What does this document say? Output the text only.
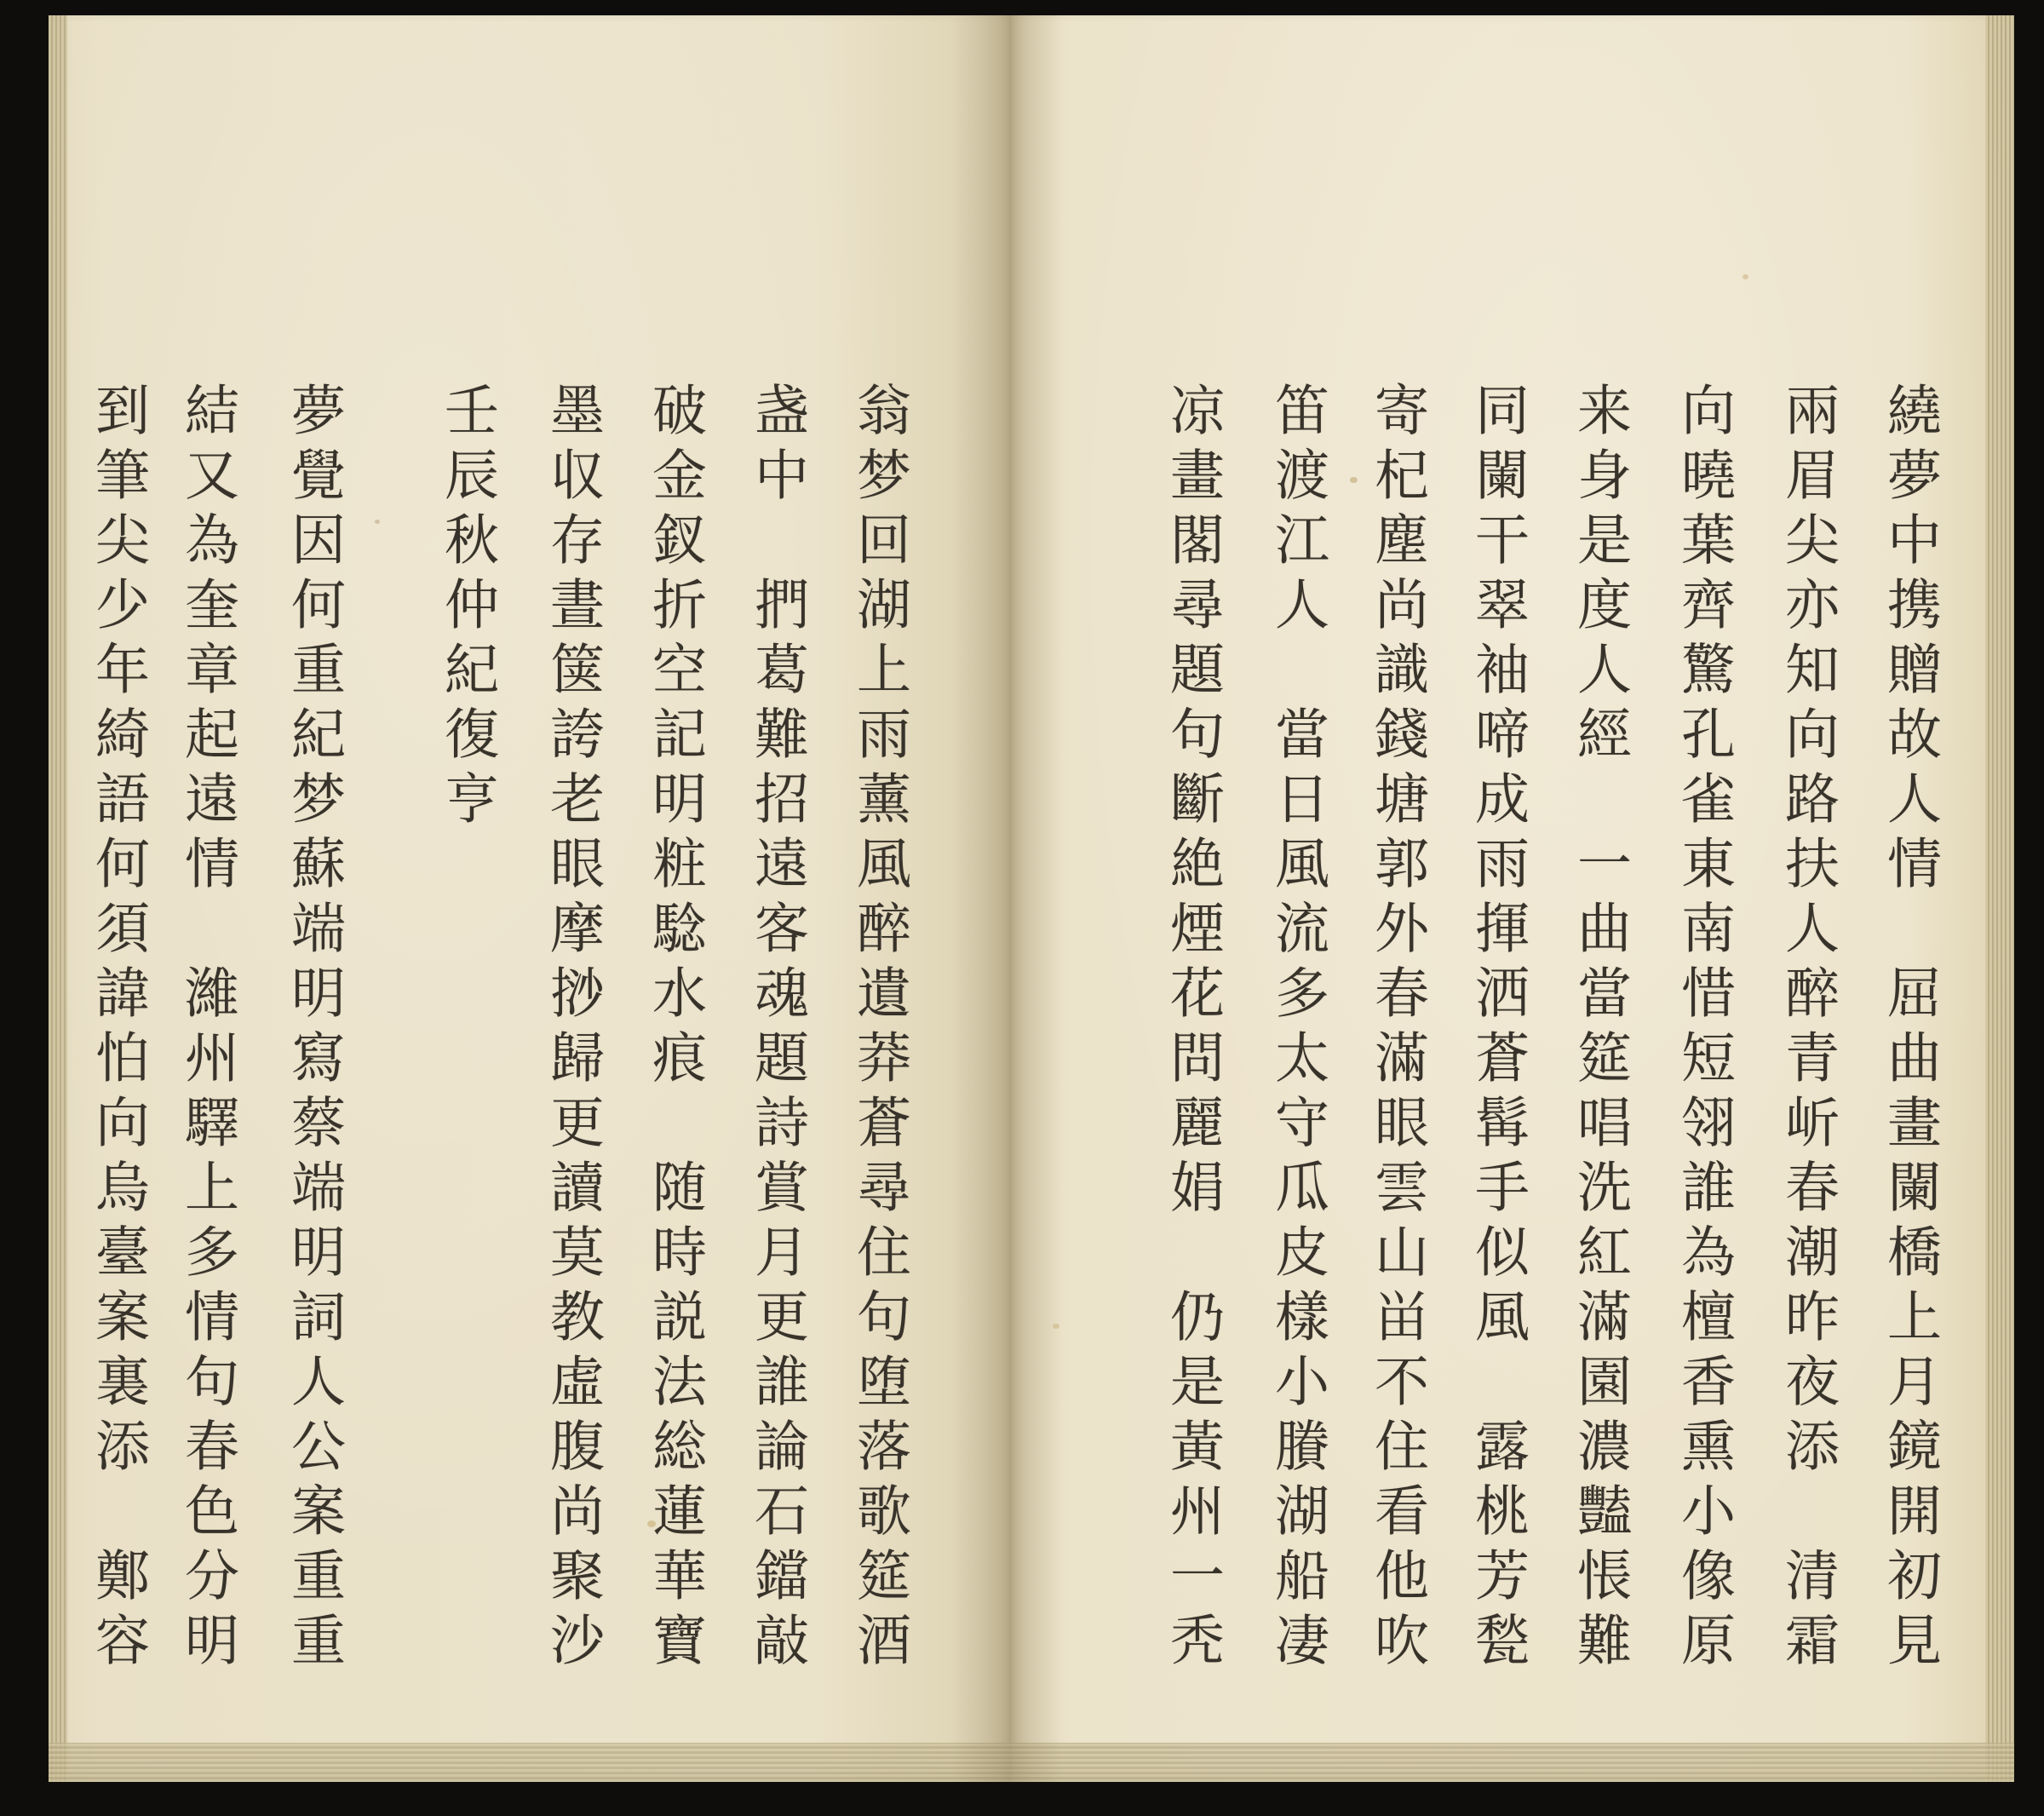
翁梦回湖上雨薰風醉遺莽蒼尋住句堕落歌筵酒
盏中　捫葛難招遠客魂題詩賞月更誰論石鐺敲
破金釵折空記明粧騐水痕　随時説法総蓮華寶
墨収存晝箧誇老眼摩挱歸更讀莫教虛腹尚聚沙
壬辰秋仲紀復亨
夢覺因何重紀梦蘇端明寫蔡端明詞人公案重重
結又為奎章起遠情　濰州驛上多情句春色分明
到筆尖少年綺語何須諱怕向烏臺案裏添　鄭容	繞夢中携贈故人情　屈曲畫闌橋上月鏡開初見
兩眉尖亦知向路扶人醉青岓春潮昨夜添　清霜
向曉葉齊驚孔雀東南惜短翎誰為檀香熏小像原
来身是度人經　一曲當筵唱洗紅滿園濃豔悵難
同闌干翠袖啼成雨揮洒蒼髯手似風　露桃芳甃
寄杞塵尚識錢塘郭外春滿眼雲山畄不住看他吹
笛渡江人　當日風流多太守瓜皮樣小賸湖船凄
凉畫閣尋題句斷絶煙花問麗娟　仍是黃州一秃
